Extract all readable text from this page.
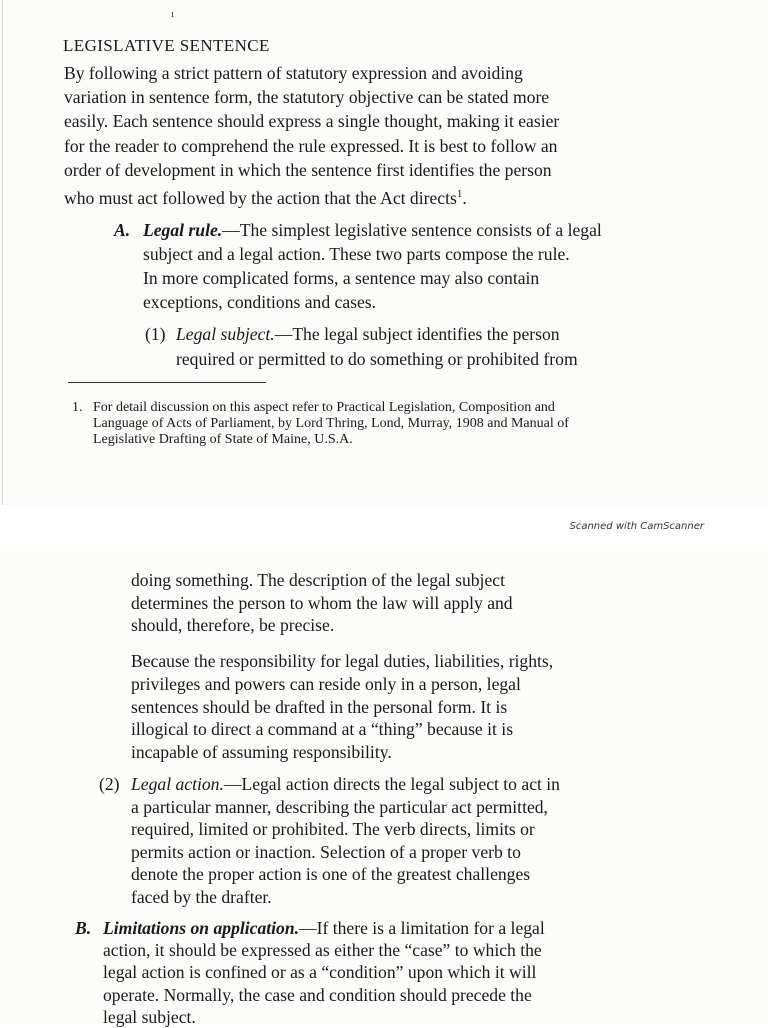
ı
LEGISLATIVE SENTENCE

By following a strict pattern of statutory expression and avoiding
variation in sentence form, the statutory objective can be stated more
easily. Each sentence should express a single thought, making it easier
for the reader to comprehend the rule expressed. It is best to follow an
order of development in which the sentence first identifies the person
who must act followed by the action that the Act directs$^1$.

A. Legal rule.—The simplest legislative sentence consists of a legal
subject and a legal action. These two parts compose the rule.
In more complicated forms, a sentence may also contain
exceptions, conditions and cases.

(1) Legal subject.—The legal subject identifies the person
required or permitted to do something or prohibited from

1. For detail discussion on this aspect refer to Practical Legislation, Composition and
Language of Acts of Parliament, by Lord Thring, Lond, Murray, 1908 and Manual of
Legislative Drafting of State of Maine, U.S.A.

Scanned with CamScanner

doing something. The description of the legal subject
determines the person to whom the law will apply and
should, therefore, be precise.

Because the responsibility for legal duties, liabilities, rights,
privileges and powers can reside only in a person, legal
sentences should be drafted in the personal form. It is
illogical to direct a command at a “thing” because it is
incapable of assuming responsibility.

(2) Legal action.—Legal action directs the legal subject to act in
a particular manner, describing the particular act permitted,
required, limited or prohibited. The verb directs, limits or
permits action or inaction. Selection of a proper verb to
denote the proper action is one of the greatest challenges
faced by the drafter.

B. Limitations on application.—If there is a limitation for a legal
action, it should be expressed as either the “case” to which the
legal action is confined or as a “condition” upon which it will
operate. Normally, the case and condition should precede the
legal subject.
